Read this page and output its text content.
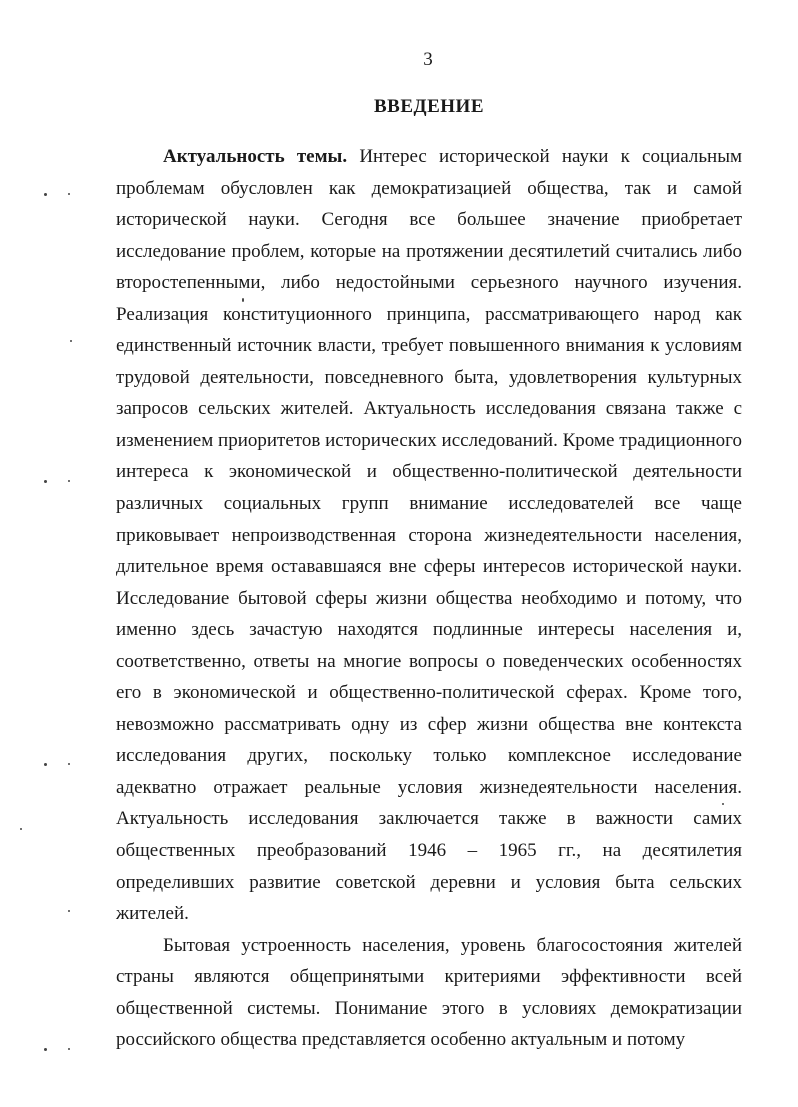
3
ВВЕДЕНИЕ

Актуальность темы. Интерес исторической науки к социальным проблемам обусловлен как демократизацией общества, так и самой исторической науки. Сегодня все большее значение приобретает исследование проблем, которые на протяжении десятилетий считались либо второстепенными, либо недостойными серьезного научного изучения. Реализация конституционного принципа, рассматривающего народ как единственный источник власти, требует повышенного внимания к условиям трудовой деятельности, повседневного быта, удовлетворения культурных запросов сельских жителей. Актуальность исследования связана также с изменением приоритетов исторических исследований. Кроме традиционного интереса к экономической и общественно-политической деятельности различных социальных групп внимание исследователей все чаще приковывает непроизводственная сторона жизнедеятельности населения, длительное время остававшаяся вне сферы интересов исторической науки. Исследование бытовой сферы жизни общества необходимо и потому, что именно здесь зачастую находятся подлинные интересы населения и, соответственно, ответы на многие вопросы о поведенческих особенностях его в экономической и общественно-политической сферах. Кроме того, невозможно рассматривать одну из сфер жизни общества вне контекста исследования других, поскольку только комплексное исследование адекватно отражает реальные условия жизнедеятельности населения. Актуальность исследования заключается также в важности самих общественных преобразований 1946 – 1965 гг., на десятилетия определивших развитие советской деревни и условия быта сельских жителей.

Бытовая устроенность населения, уровень благосостояния жителей страны являются общепринятыми критериями эффективности всей общественной системы. Понимание этого в условиях демократизации российского общества представляется особенно актуальным и потому
